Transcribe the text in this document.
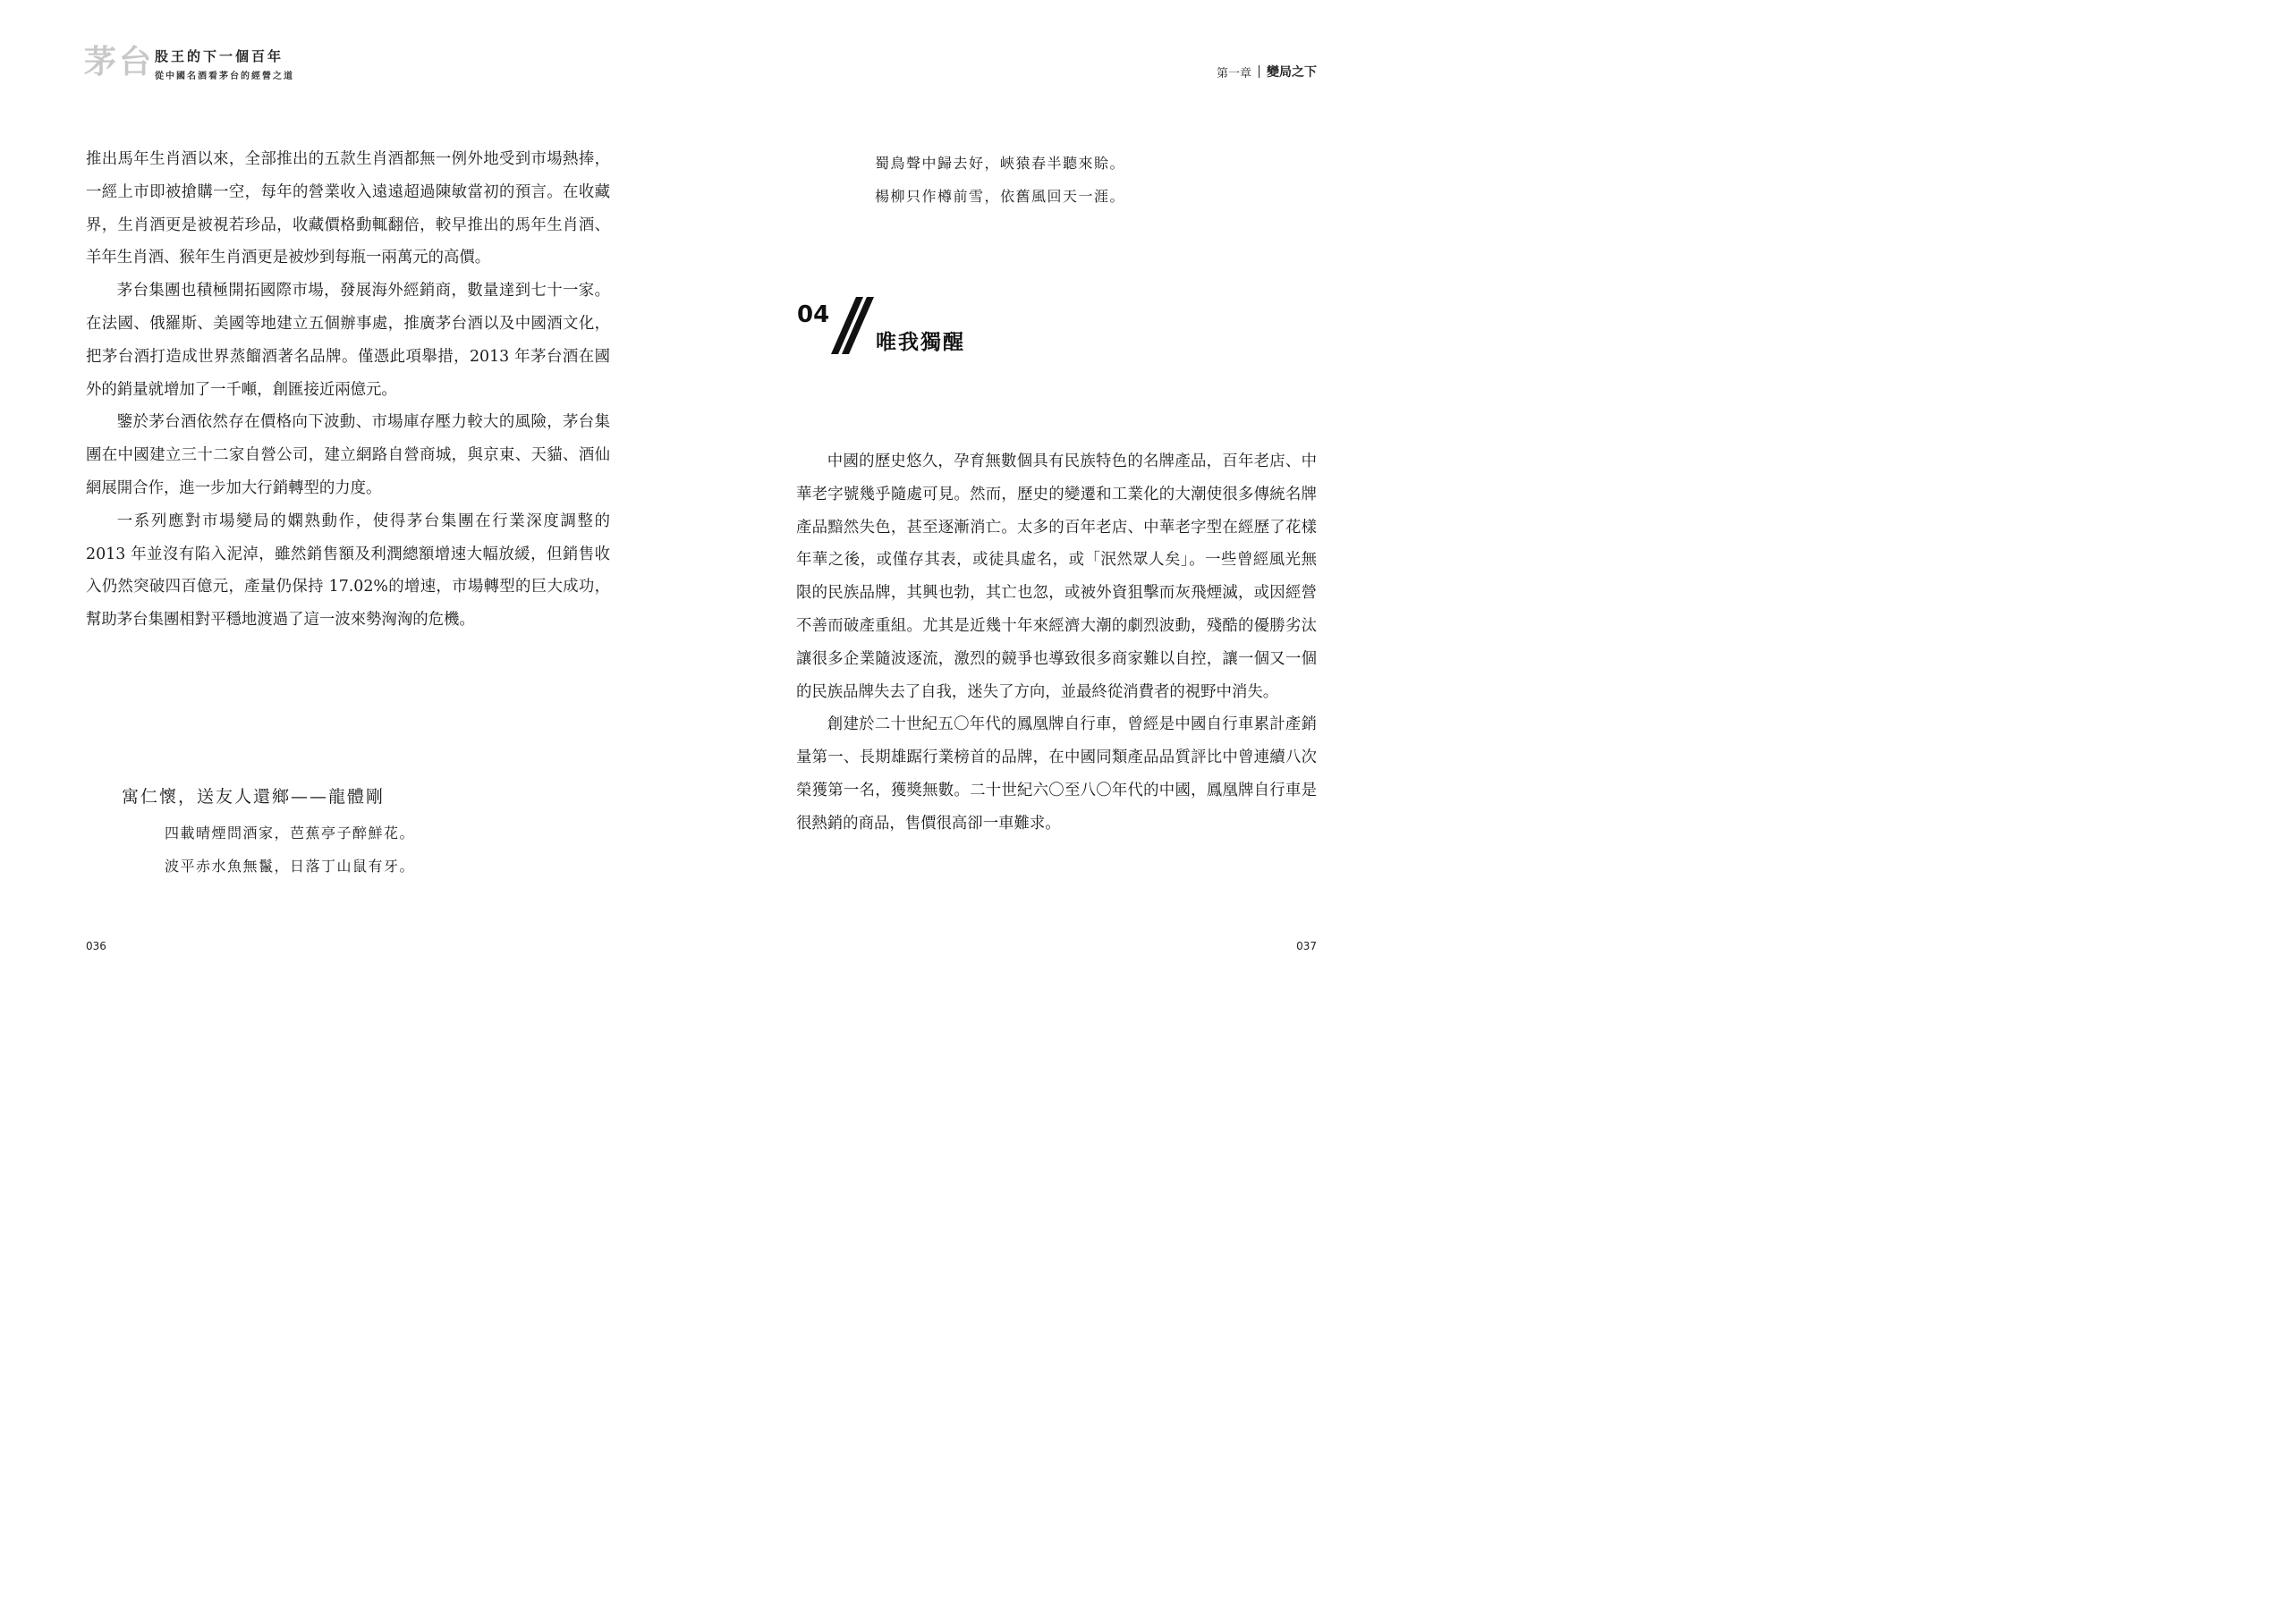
茅台 股王的下一個百年
從中國名酒看茅台的經營之道

推出馬年生肖酒以來，全部推出的五款生肖酒都無一例外地受到市場熱捧，一經上市即被搶購一空，每年的營業收入遠遠超過陳敏當初的預言。在收藏界，生肖酒更是被視若珍品，收藏價格動輒翻倍，較早推出的馬年生肖酒、羊年生肖酒、猴年生肖酒更是被炒到每瓶一兩萬元的高價。

茅台集團也積極開拓國際市場，發展海外經銷商，數量達到七十一家。在法國、俄羅斯、美國等地建立五個辦事處，推廣茅台酒以及中國酒文化，把茅台酒打造成世界蒸餾酒著名品牌。僅憑此項舉措，2013 年茅台酒在國外的銷量就增加了一千噸，創匯接近兩億元。

鑒於茅台酒依然存在價格向下波動、市場庫存壓力較大的風險，茅台集團在中國建立三十二家自營公司，建立網路自營商城，與京東、天貓、酒仙網展開合作，進一步加大行銷轉型的力度。

一系列應對市場變局的嫻熟動作，使得茅台集團在行業深度調整的 2013 年並沒有陷入泥淖，雖然銷售額及利潤總額增速大幅放緩，但銷售收入仍然突破四百億元，產量仍保持 17.02%的增速，市場轉型的巨大成功，幫助茅台集團相對平穩地渡過了這一波來勢洶洶的危機。

寓仁懷，送友人還鄉——龍體剛
四載晴煙問酒家，芭蕉亭子醉鮮花。
波平赤水魚無鬣，日落丁山鼠有牙。
036
第一章 變局之下
蜀鳥聲中歸去好，峽猿春半聽來賒。
楊柳只作樽前雪，依舊風回天一涯。
04
唯我獨醒

中國的歷史悠久，孕育無數個具有民族特色的名牌產品，百年老店、中華老字號幾乎隨處可見。然而，歷史的變遷和工業化的大潮使很多傳統名牌產品黯然失色，甚至逐漸消亡。太多的百年老店、中華老字型在經歷了花樣年華之後，或僅存其表，或徒具虛名，或「泯然眾人矣」。一些曾經風光無限的民族品牌，其興也勃，其亡也忽，或被外資狙擊而灰飛煙滅，或因經營不善而破產重組。尤其是近幾十年來經濟大潮的劇烈波動，殘酷的優勝劣汰讓很多企業隨波逐流，激烈的競爭也導致很多商家難以自控，讓一個又一個的民族品牌失去了自我，迷失了方向，並最終從消費者的視野中消失。

創建於二十世紀五〇年代的鳳凰牌自行車，曾經是中國自行車累計產銷量第一、長期雄踞行業榜首的品牌，在中國同類產品品質評比中曾連續八次榮獲第一名，獲獎無數。二十世紀六〇至八〇年代的中國，鳳凰牌自行車是很熱銷的商品，售價很高卻一車難求。

037
